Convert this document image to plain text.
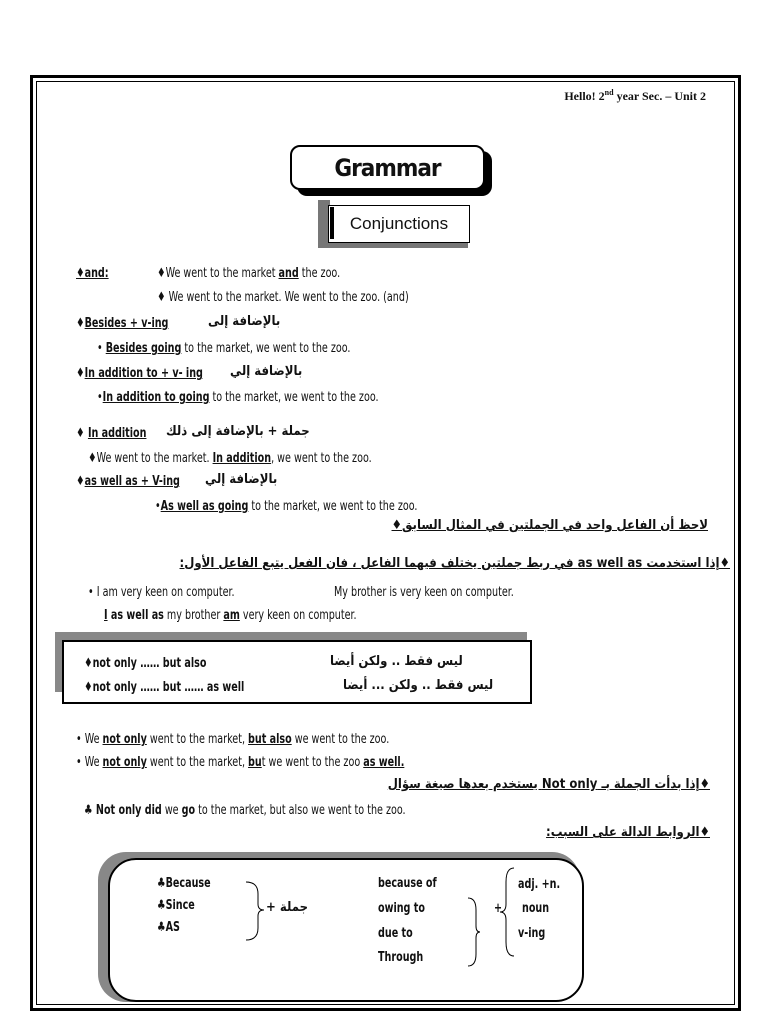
Hello! 2nd year Sec. – Unit 2
Grammar
Conjunctions
♦and:	♦We went to the market and the zoo.
♦ We went to the market. We went to the zoo. (and)
♦Besides + v-ing	بالإضافة إلى
• Besides going to the market, we went to the zoo.
♦In addition to + v- ing بالإضافة إلي
•In addition to going to the market, we went to the zoo.
♦ In addition جملة + بالإضافة إلى ذلك
♦We went to the market. In addition, we went to the zoo.
♦as well as + V-ing بالإضافة إلي
•As well as going to the market, we went to the zoo.
لاحظ أن الفاعل واحد في الجملتين في المثال السابق♦
♦إذا استخدمت as well as في ربط جملتين يختلف فيهما الفاعل ، فان الفعل يتبع الفاعل الأول:
• I am very keen on computer.	My brother is very keen on computer.
I as well as my brother am very keen on computer.
♦not only …… but also	ليس فقط .. ولكن أيضا
♦not only …… but …… as well	ليس فقط .. ولكن ... أيضا
• We not only went to the market, but also we went to the zoo.
• We not only went to the market, but we went to the zoo as well.
♦إذا بدأت الجملة بـ Not only يستخدم بعدها صيغة سؤال
♣ Not only did we go to the market, but also we went to the zoo.
♦الروابط الدالة على السبب:
♣Because
♣Since
♣AS
جملة +
because of
owing to
due to
Through
+
adj. +n.
noun
v-ing
